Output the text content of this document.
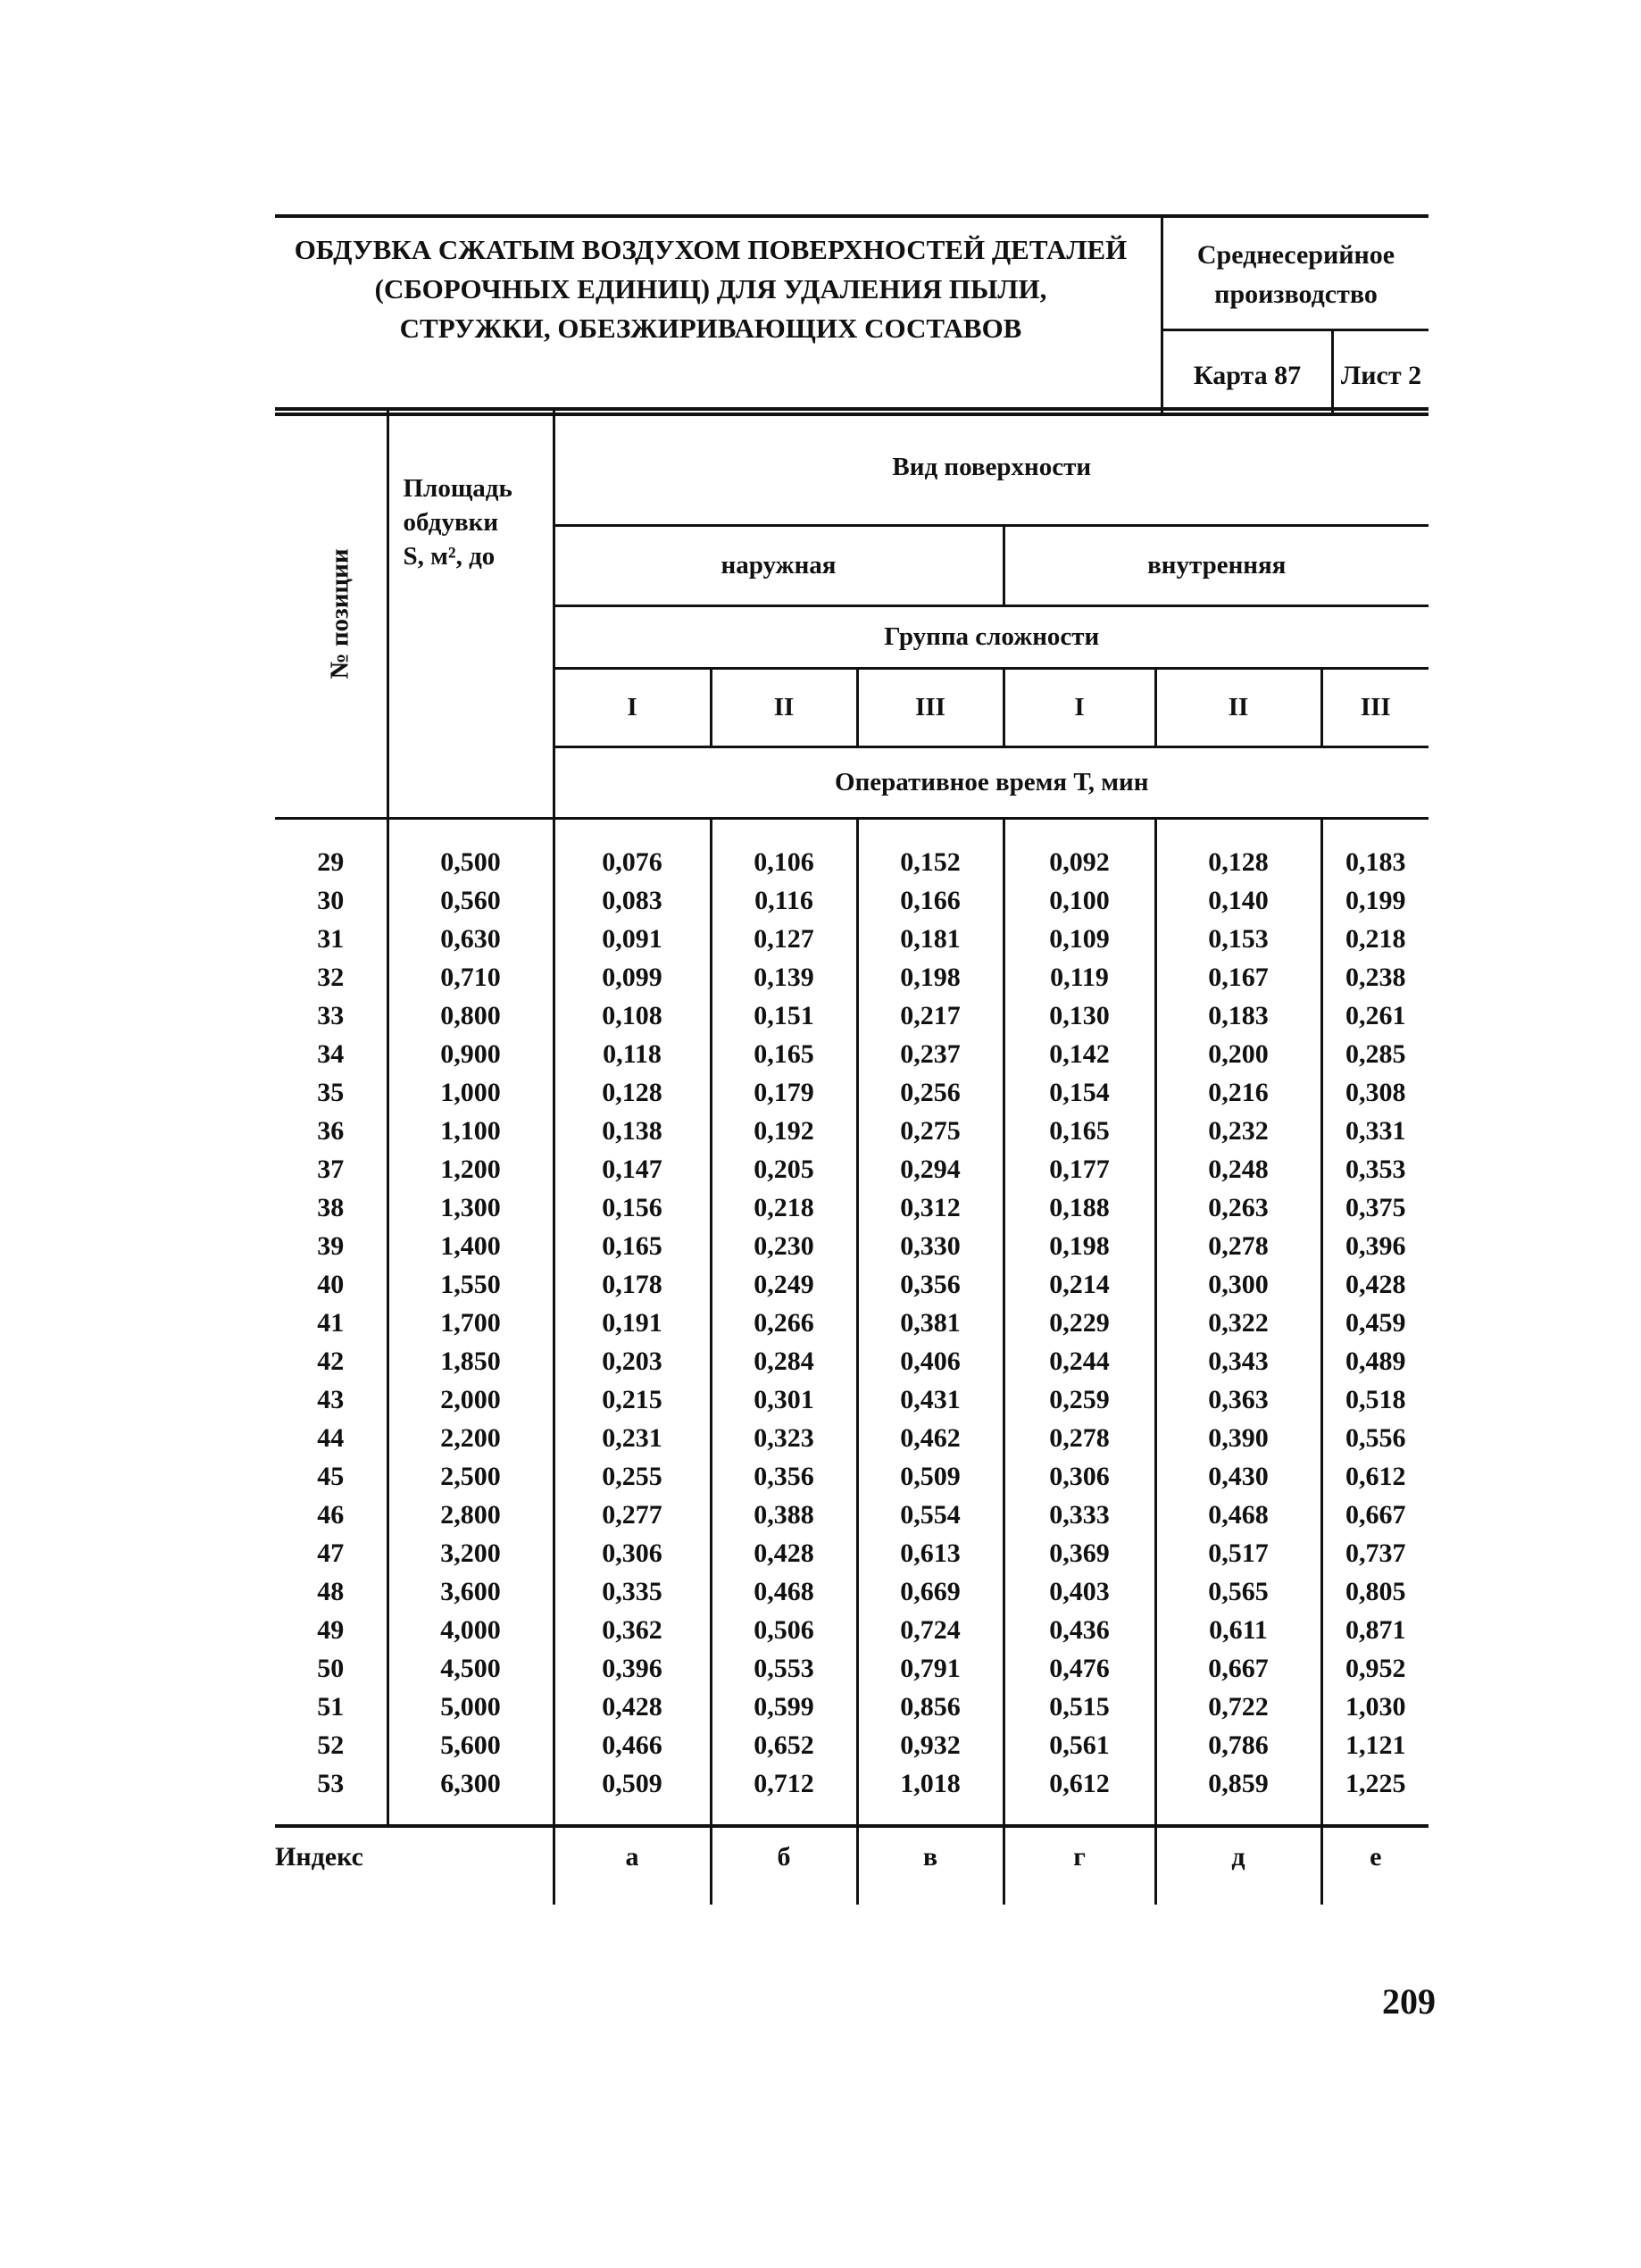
ОБДУВКА СЖАТЫМ ВОЗДУХОМ ПОВЕРХНОСТЕЙ ДЕТАЛЕЙ
(СБОРОЧНЫХ ЕДИНИЦ) ДЛЯ УДАЛЕНИЯ ПЫЛИ,
СТРУЖКИ, ОБЕЗЖИРИВАЮЩИХ СОСТАВОВ
Среднесерийное
производство
Карта 87	Лист 2
№ позиции	Площадь
обдувки
S, м², до	Вид поверхности					
		наружная			внутренняя		
		Группа сложности					
		I	II	III	I	II	III
		Оперативное время Т, мин					
29	0,500	0,076	0,106	0,152	0,092	0,128	0,183
30	0,560	0,083	0,116	0,166	0,100	0,140	0,199
31	0,630	0,091	0,127	0,181	0,109	0,153	0,218
32	0,710	0,099	0,139	0,198	0,119	0,167	0,238
33	0,800	0,108	0,151	0,217	0,130	0,183	0,261
34	0,900	0,118	0,165	0,237	0,142	0,200	0,285
35	1,000	0,128	0,179	0,256	0,154	0,216	0,308
36	1,100	0,138	0,192	0,275	0,165	0,232	0,331
37	1,200	0,147	0,205	0,294	0,177	0,248	0,353
38	1,300	0,156	0,218	0,312	0,188	0,263	0,375
39	1,400	0,165	0,230	0,330	0,198	0,278	0,396
40	1,550	0,178	0,249	0,356	0,214	0,300	0,428
41	1,700	0,191	0,266	0,381	0,229	0,322	0,459
42	1,850	0,203	0,284	0,406	0,244	0,343	0,489
43	2,000	0,215	0,301	0,431	0,259	0,363	0,518
44	2,200	0,231	0,323	0,462	0,278	0,390	0,556
45	2,500	0,255	0,356	0,509	0,306	0,430	0,612
46	2,800	0,277	0,388	0,554	0,333	0,468	0,667
47	3,200	0,306	0,428	0,613	0,369	0,517	0,737
48	3,600	0,335	0,468	0,669	0,403	0,565	0,805
49	4,000	0,362	0,506	0,724	0,436	0,611	0,871
50	4,500	0,396	0,553	0,791	0,476	0,667	0,952
51	5,000	0,428	0,599	0,856	0,515	0,722	1,030
52	5,600	0,466	0,652	0,932	0,561	0,786	1,121
53	6,300	0,509	0,712	1,018	0,612	0,859	1,225
Индекс		а	б	в	г	д	е
209
